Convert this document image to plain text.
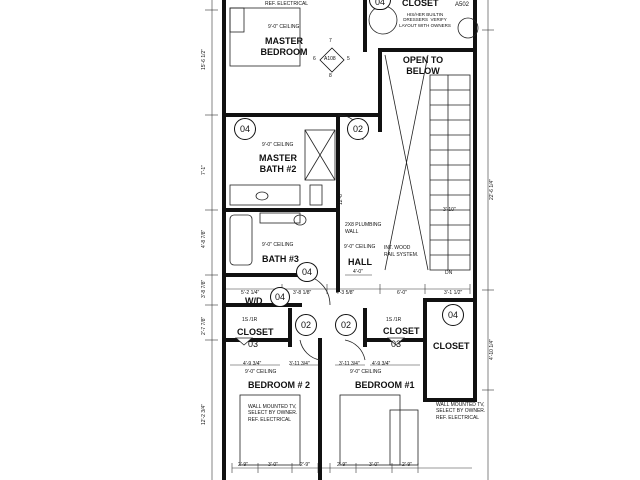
MASTER
BEDROOM
CLOSET
OPEN TO
BELOW
MASTER
BATH #2
BATH #3	HALL
W/D
CLOSET	CLOSET
CLOSET
BEDROOM # 2	BEDROOM #1
REF. ELECTRICAL
9'-0" CEILING
HIS/HER BUILTIN
DRESSERS  VERIFY
LAYOUT WITH OWNERS
9'-0" CEILING
9'-0" CEILING
2X8 PLUMBING
WALL
9'-0" CEILING INT. WOOD
RAIL SYSTEM.
DN
1S /1R	1S /1R
9'-0" CEILING	9'-0" CEILING
WALL MOUNTED TV,
SELECT BY OWNER.
REF. ELECTRICAL
WALL MOUNTED TV,
SELECT BY OWNER.
REF. ELECTRICAL
04	A502
A108
7
6	5
8
04	02
04
04
02	02
03	03
04
15'-6 1/2"
7'-1"
4'-8 7/8"
3'-8 7/8"
2'-7 7/8"
12'-2 3/4"
22'-6 1/4"
4'-10 1/4"
12'-8"
3'-10"
4'-0"
5'-2 1/4"	3'-8 1/8"	4'-3 5/8"	6'-0"	3'-1 1/2"
4'-9 3/4"	3'-11 3/4"	3'-11 3/4" 4'-9 3/4"
2'-9"	3'-0"	2'-9"	2'-9"	3'-0"	2'-9"
